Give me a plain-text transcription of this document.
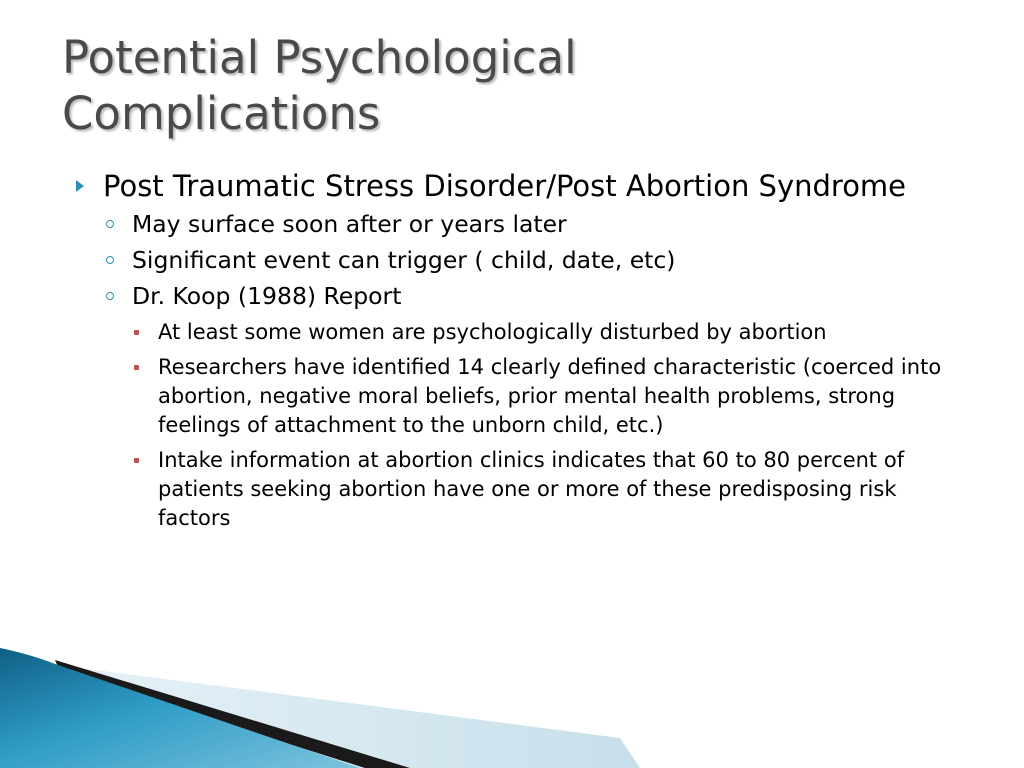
Potential Psychological
Complications
Post Traumatic Stress Disorder/Post Abortion Syndrome
May surface soon after or years later
Significant event can trigger ( child, date, etc)
Dr. Koop (1988) Report
At least some women are psychologically disturbed by abortion
Researchers have identified 14 clearly defined characteristic (coerced into abortion, negative moral beliefs, prior mental health problems, strong feelings of attachment to the unborn child, etc.)
Intake information at abortion clinics indicates that 60 to 80 percent of patients seeking abortion have one or more of these predisposing risk factors
